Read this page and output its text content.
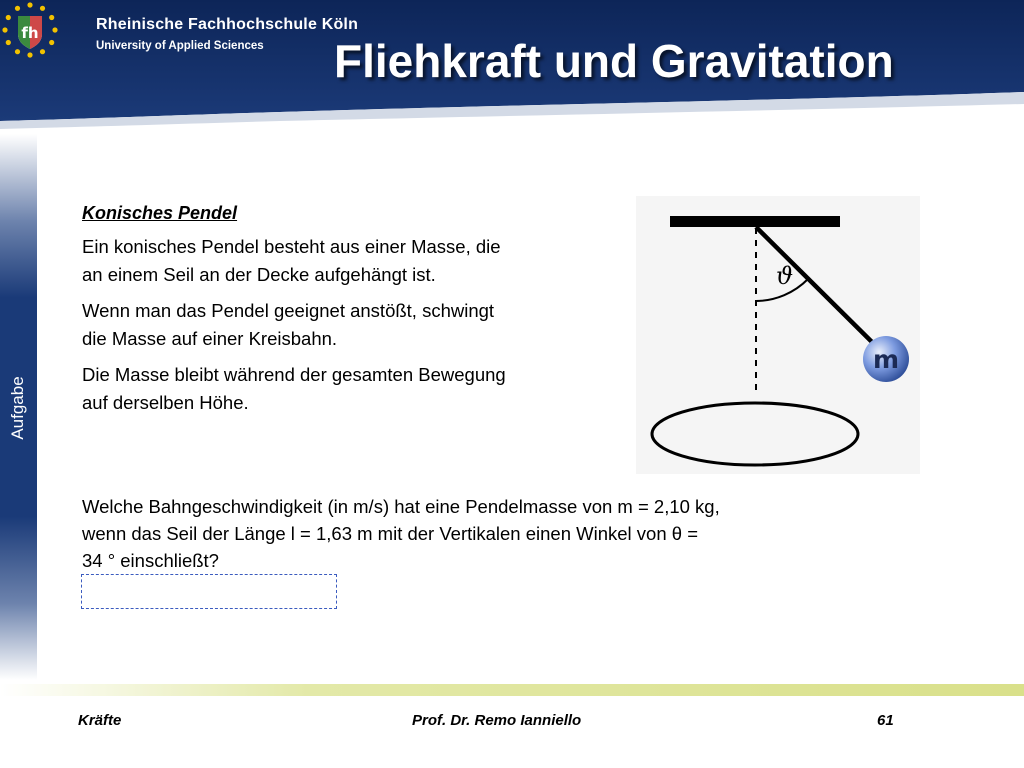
fh	Rheinische Fachhochschule Köln
University of Applied Sciences Fliehkraft und Gravitation
Aufgabe
Konisches Pendel

Ein konisches Pendel besteht aus einer Masse, die an einem Seil an der Decke aufgehängt ist.

Wenn man das Pendel geeignet anstößt, schwingt die Masse auf einer Kreisbahn.

Die Masse bleibt während der gesamten Bewegung auf derselben Höhe.

Welche Bahngeschwindigkeit (in m/s) hat eine Pendelmasse von m = 2,10 kg, wenn das Seil der Länge l = 1,63 m mit der Vertikalen einen Winkel von θ = 34 ° einschließt?
ϑ
m
Kräfte	Prof. Dr. Remo Ianniello	61
